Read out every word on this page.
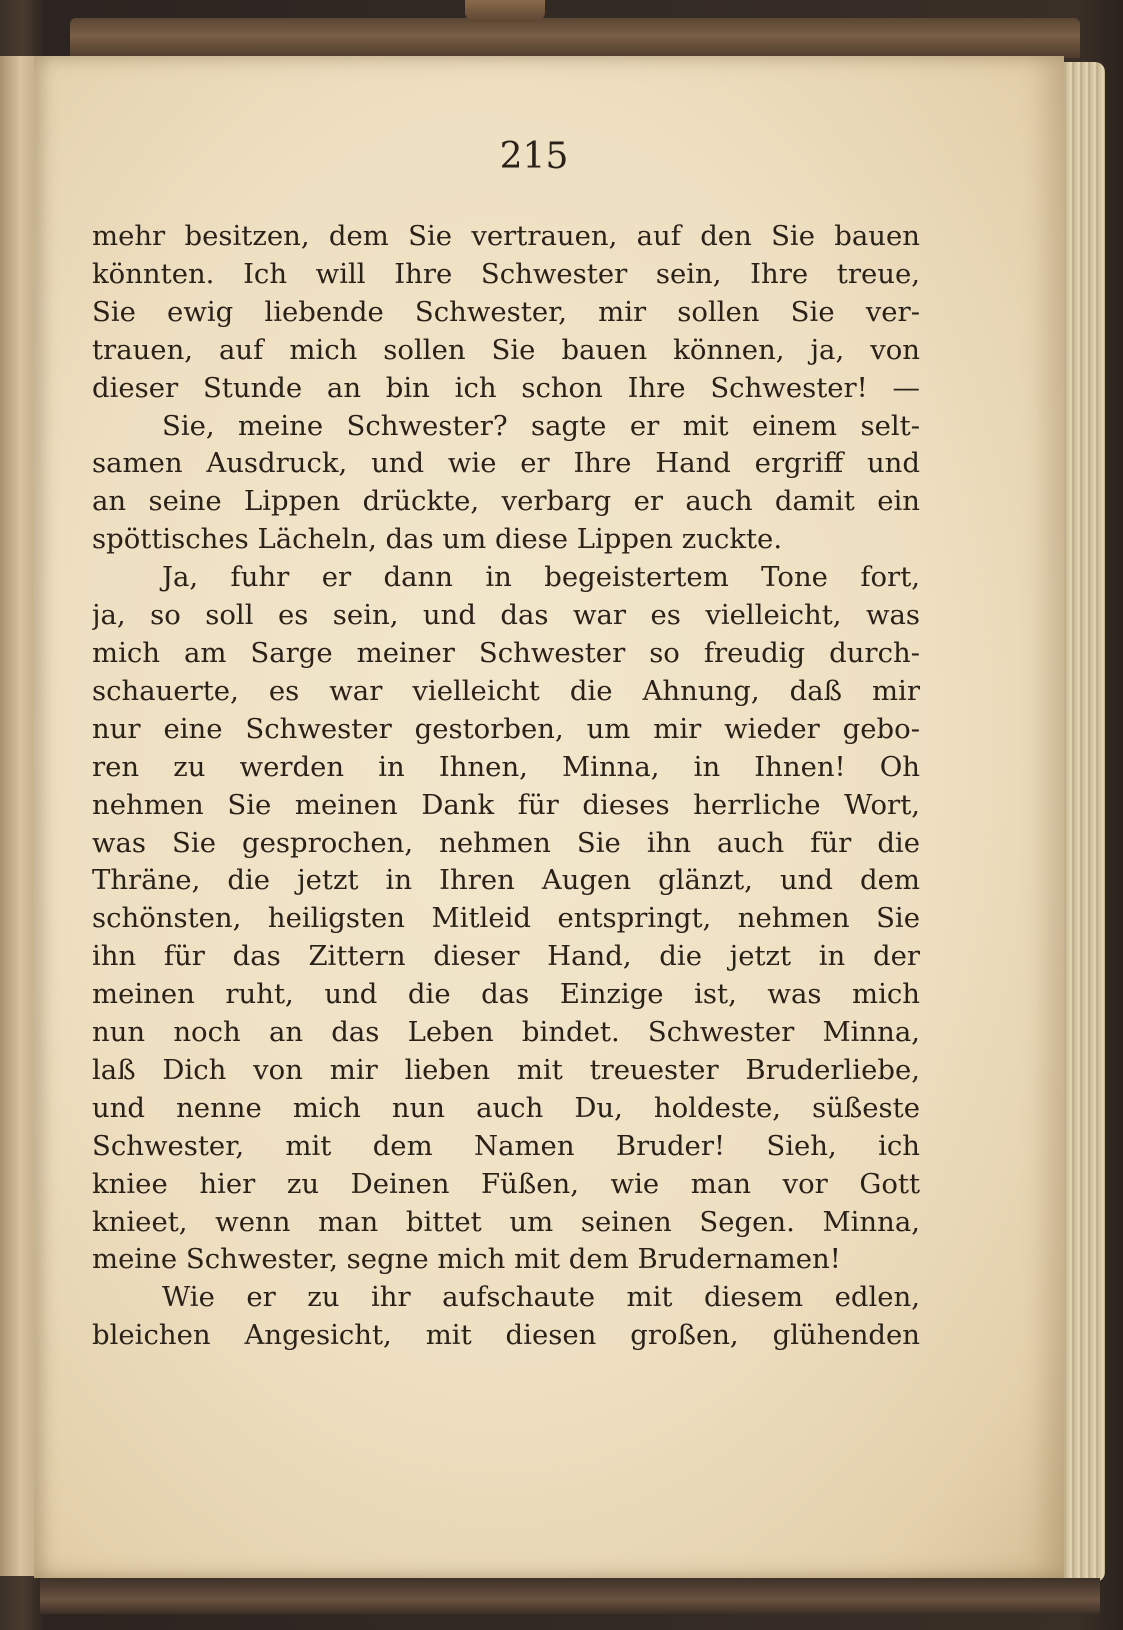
215
mehr besitzen, dem Sie vertrauen, auf den Sie bauen
könnten. Ich will Ihre Schwester sein, Ihre treue,
Sie ewig liebende Schwester, mir sollen Sie ver-
trauen, auf mich sollen Sie bauen können, ja, von
dieser Stunde an bin ich schon Ihre Schwester! —
Sie, meine Schwester? sagte er mit einem selt-
samen Ausdruck, und wie er Ihre Hand ergriff und
an seine Lippen drückte, verbarg er auch damit ein
spöttisches Lächeln, das um diese Lippen zuckte.
Ja, fuhr er dann in begeistertem Tone fort,
ja, so soll es sein, und das war es vielleicht, was
mich am Sarge meiner Schwester so freudig durch-
schauerte, es war vielleicht die Ahnung, daß mir
nur eine Schwester gestorben, um mir wieder gebo-
ren zu werden in Ihnen, Minna, in Ihnen! Oh
nehmen Sie meinen Dank für dieses herrliche Wort,
was Sie gesprochen, nehmen Sie ihn auch für die
Thräne, die jetzt in Ihren Augen glänzt, und dem
schönsten, heiligsten Mitleid entspringt, nehmen Sie
ihn für das Zittern dieser Hand, die jetzt in der
meinen ruht, und die das Einzige ist, was mich
nun noch an das Leben bindet. Schwester Minna,
laß Dich von mir lieben mit treuester Bruderliebe,
und nenne mich nun auch Du, holdeste, süßeste
Schwester, mit dem Namen Bruder! Sieh, ich
kniee hier zu Deinen Füßen, wie man vor Gott
knieet, wenn man bittet um seinen Segen. Minna,
meine Schwester, segne mich mit dem Brudernamen!
Wie er zu ihr aufschaute mit diesem edlen,
bleichen Angesicht, mit diesen großen, glühenden
